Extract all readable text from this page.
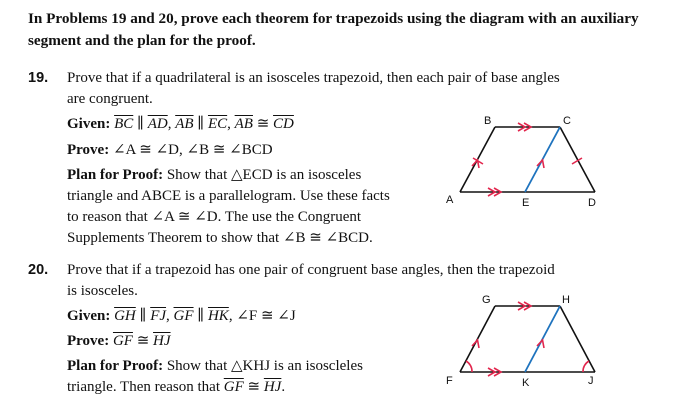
In Problems 19 and 20, prove each theorem for trapezoids using the diagram with an auxiliary segment and the plan for the proof.
19. Prove that if a quadrilateral is an isosceles trapezoid, then each pair of base angles
are congruent.
Given: $\overline{BC}$ ∥ $\overline{AD}$, $\overline{AB}$ ∥ $\overline{EC}$, $\overline{AB}$ ≅ $\overline{CD}$
Prove: ∠A ≅ ∠D, ∠B ≅ ∠BCD
Plan for Proof: Show that △ECD is an isosceles
triangle and ABCE is a parallelogram. Use these facts
to reason that ∠A ≅ ∠D. The use the Congruent
Supplements Theorem to show that ∠B ≅ ∠BCD.
B	C
A	E	D
20. Prove that if a trapezoid has one pair of congruent base angles, then the trapezoid
is isosceles.
Given: $\overline{GH}$ ∥ $\overline{FJ}$, $\overline{GF}$ ∥ $\overline{HK}$, ∠F ≅ ∠J
Prove: $\overline{GF}$ ≅ $\overline{HJ}$
Plan for Proof: Show that △KHJ is an isoscleles
triangle. Then reason that $\overline{GF}$ ≅ $\overline{HJ}$.
G	H
F	K	J
